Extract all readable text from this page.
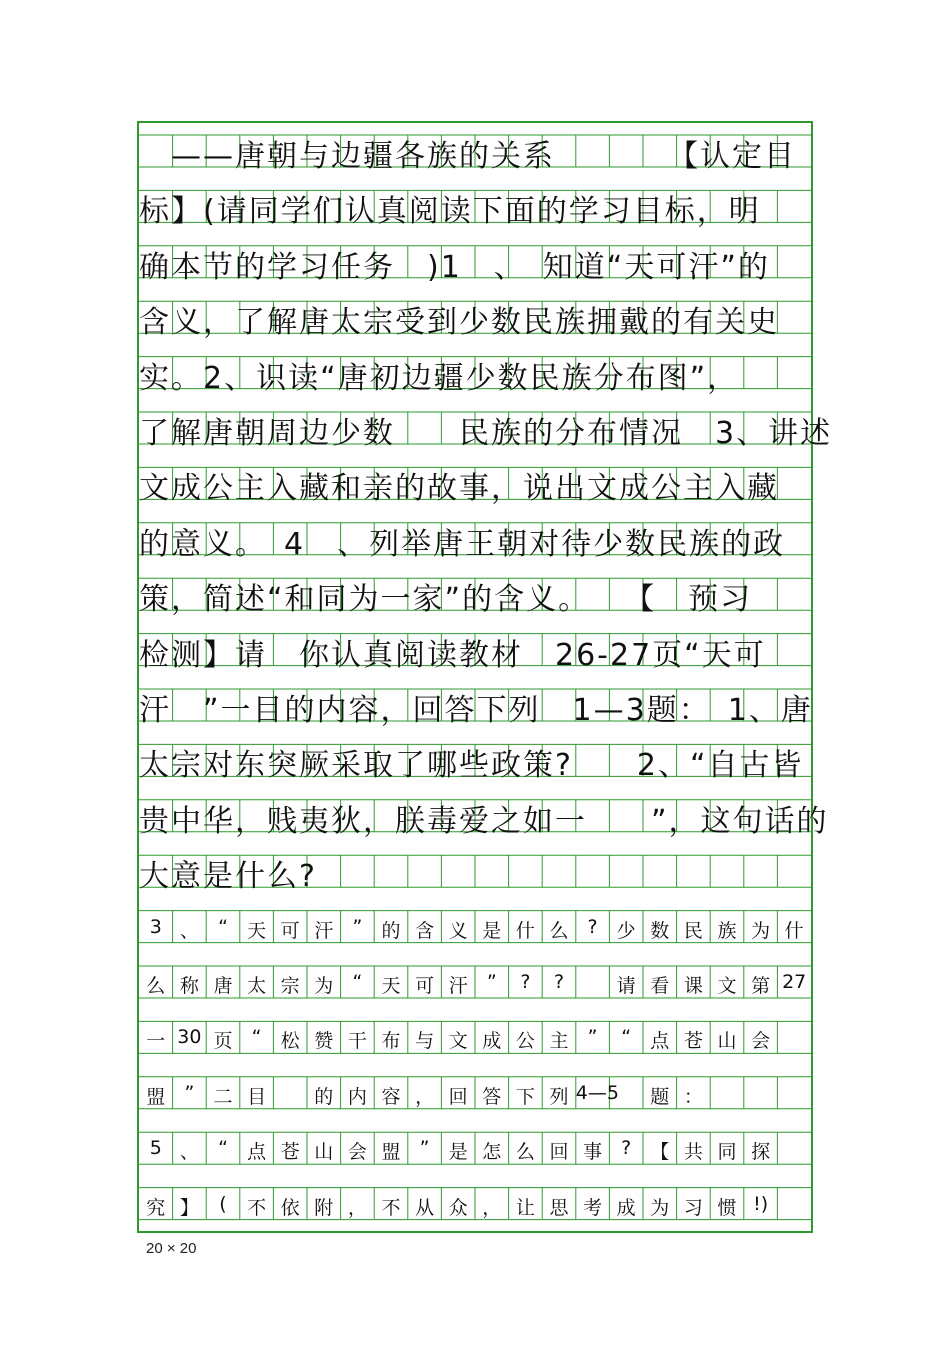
　——唐朝与边疆各族的关系　　　　【认定目
标】(请同学们认真阅读下面的学习目标，明
确本节的学习任务　)1　、　知道“天可汗”的
含义，了解唐太宗受到少数民族拥戴的有关史
实。2、识读“唐初边疆少数民族分布图”，
了解唐朝周边少数　　民族的分布情况　3、讲述
文成公主入藏和亲的故事，说出文成公主入藏
的意义。　4　、列举唐王朝对待少数民族的政
策，简述“和同为一家”的含义。　　【　预习
检测】请　你认真阅读教材　26-27页“天可
汗　”一目的内容，回答下列　1—3题：　1、唐
太宗对东突厥采取了哪些政策?　　2、“自古皆
贵中华，贱夷狄，朕毒爱之如一　　”，这句话的
大意是什么?
3 、	“	天 可 汗	”	的 含 义 是 什 么	?	少 数 民 族 为 什
么 称 唐 太 宗 为	“	天 可 汗	”	?	?	请 看 课 文 第 27
一 30 页	“	松 赞 干 布 与 文 成 公 主	”	“	点 苍 山 会
盟	”	二 目	的 内 容 ， 回 答 下 列 4—5	题 ：
5 、	“	点 苍 山 会 盟	”	是 怎 么 回 事	?	【 共 同 探
究 】	(	不 依 附 ， 不 从 众 ， 让 思 考 成 为 习 惯 !)
20 × 20
